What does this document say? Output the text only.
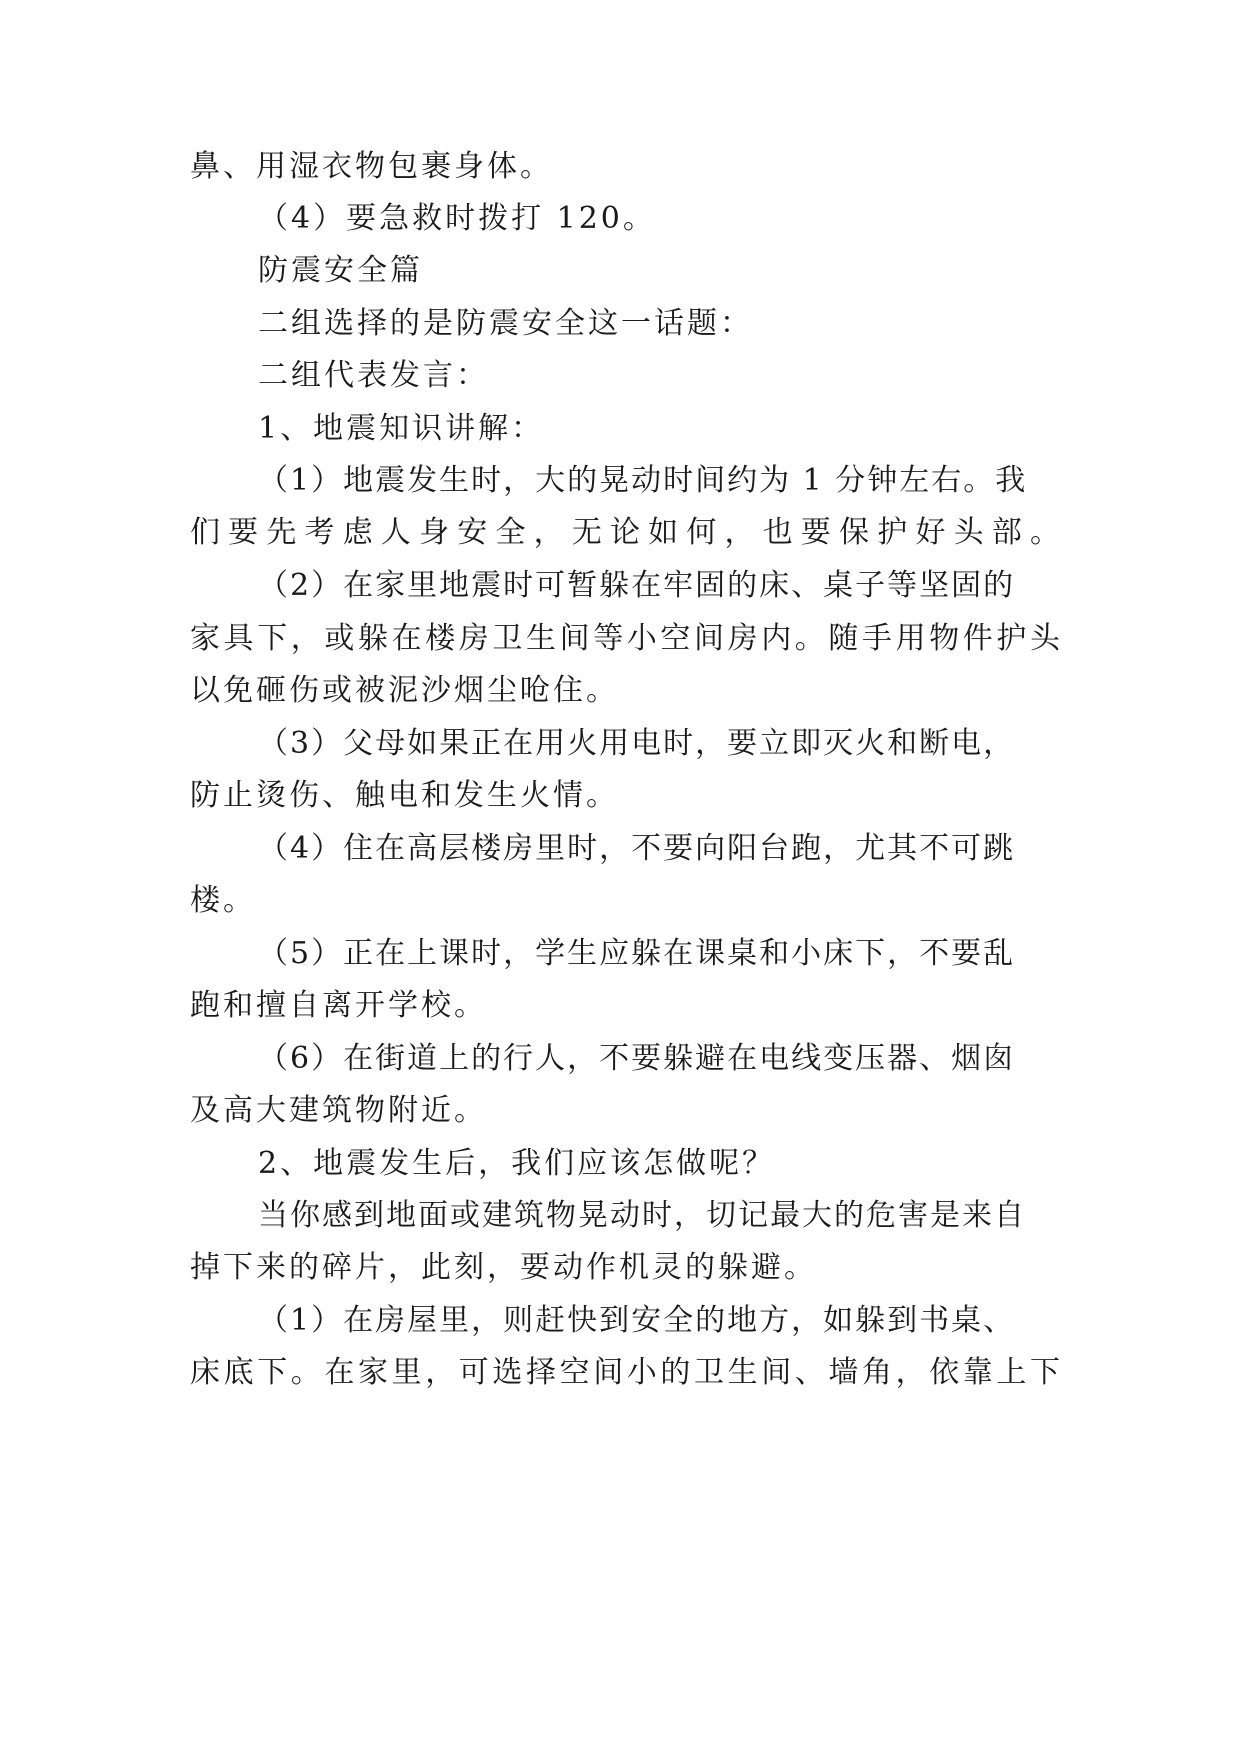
鼻、用湿衣物包裹身体。
（4）要急救时拨打 120。
防震安全篇
二组选择的是防震安全这一话题：
二组代表发言：
1、地震知识讲解：
（1）地震发生时，大的晃动时间约为 1 分钟左右。我
们要先考虑人身安全，无论如何，也要保护好头部。
（2）在家里地震时可暂躲在牢固的床、桌子等坚固的
家具下，或躲在楼房卫生间等小空间房内。随手用物件护头
以免砸伤或被泥沙烟尘呛住。
（3）父母如果正在用火用电时，要立即灭火和断电，
防止烫伤、触电和发生火情。
（4）住在高层楼房里时，不要向阳台跑，尤其不可跳
楼。
（5）正在上课时，学生应躲在课桌和小床下，不要乱
跑和擅自离开学校。
（6）在街道上的行人，不要躲避在电线变压器、烟囱
及高大建筑物附近。
2、地震发生后，我们应该怎做呢？
当你感到地面或建筑物晃动时，切记最大的危害是来自
掉下来的碎片，此刻，要动作机灵的躲避。
（1）在房屋里，则赶快到安全的地方，如躲到书桌、
床底下。在家里，可选择空间小的卫生间、墙角，依靠上下
